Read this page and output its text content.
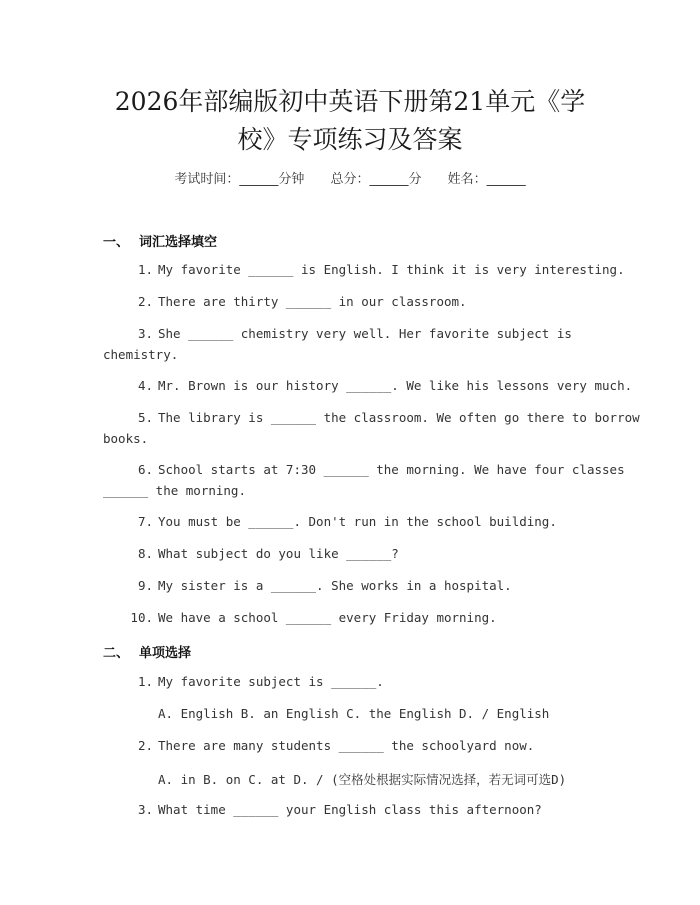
2026年部编版初中英语下册第21单元《学
校》专项练习及答案
考试时间：______分钟 总分：______分 姓名：______
一、 词汇选择填空
1. My favorite ______ is English. I think it is very interesting.
2. There are thirty ______ in our classroom.
3. She ______ chemistry very well. Her favorite subject is
chemistry.
4. Mr. Brown is our history ______. We like his lessons very much.
5. The library is ______ the classroom. We often go there to borrow
books.
6. School starts at 7:30 ______ the morning. We have four classes
______ the morning.
7. You must be ______. Don't run in the school building.
8. What subject do you like ______?
9. My sister is a ______. She works in a hospital.
10. We have a school ______ every Friday morning.
二、 单项选择
1. My favorite subject is ______.
A. English B. an English C. the English D. / English
2. There are many students ______ the schoolyard now.
A. in B. on C. at D. / (空格处根据实际情况选择，若无词可选D)
3. What time ______ your English class this afternoon?
